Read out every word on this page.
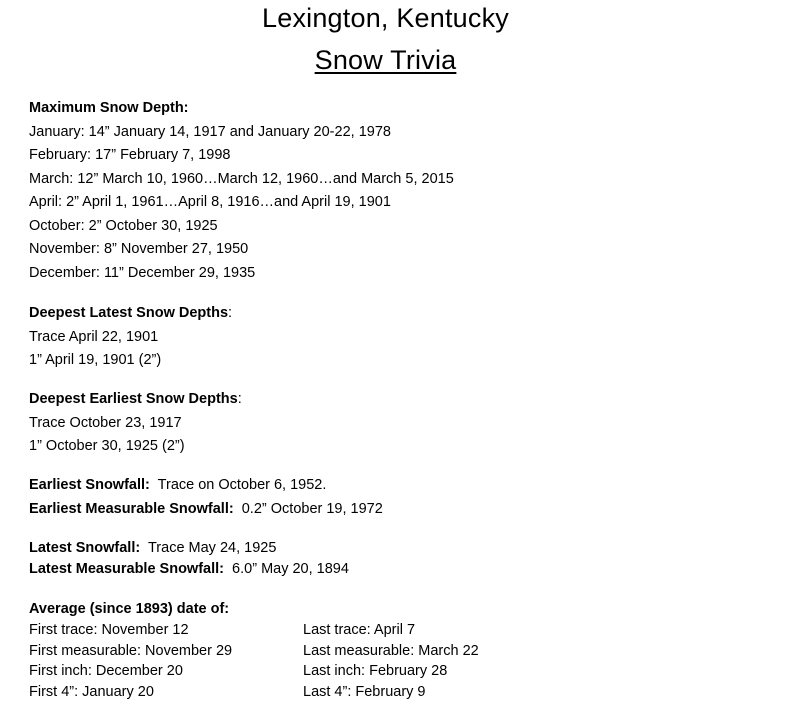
Lexington, Kentucky
Snow Trivia
Maximum Snow Depth:
January: 14” January 14, 1917 and January 20-22, 1978
February: 17” February 7, 1998
March: 12” March 10, 1960…March 12, 1960…and March 5, 2015
April: 2” April 1, 1961…April 8, 1916…and April 19, 1901
October: 2” October 30, 1925
November: 8” November 27, 1950
December: 11” December 29, 1935
Deepest Latest Snow Depths:
Trace April 22, 1901
1” April 19, 1901 (2”)
Deepest Earliest Snow Depths:
Trace October 23, 1917
1” October 30, 1925 (2”)
Earliest Snowfall:  Trace on October 6, 1952.
Earliest Measurable Snowfall:  0.2” October 19, 1972
Latest Snowfall:  Trace May 24, 1925
Latest Measurable Snowfall:  6.0” May 20, 1894
Average (since 1893) date of:
First trace: November 12	Last trace: April 7
First measurable: November 29	Last measurable: March 22
First inch: December 20	Last inch: February 28
First 4”: January 20	Last 4”: February 9
